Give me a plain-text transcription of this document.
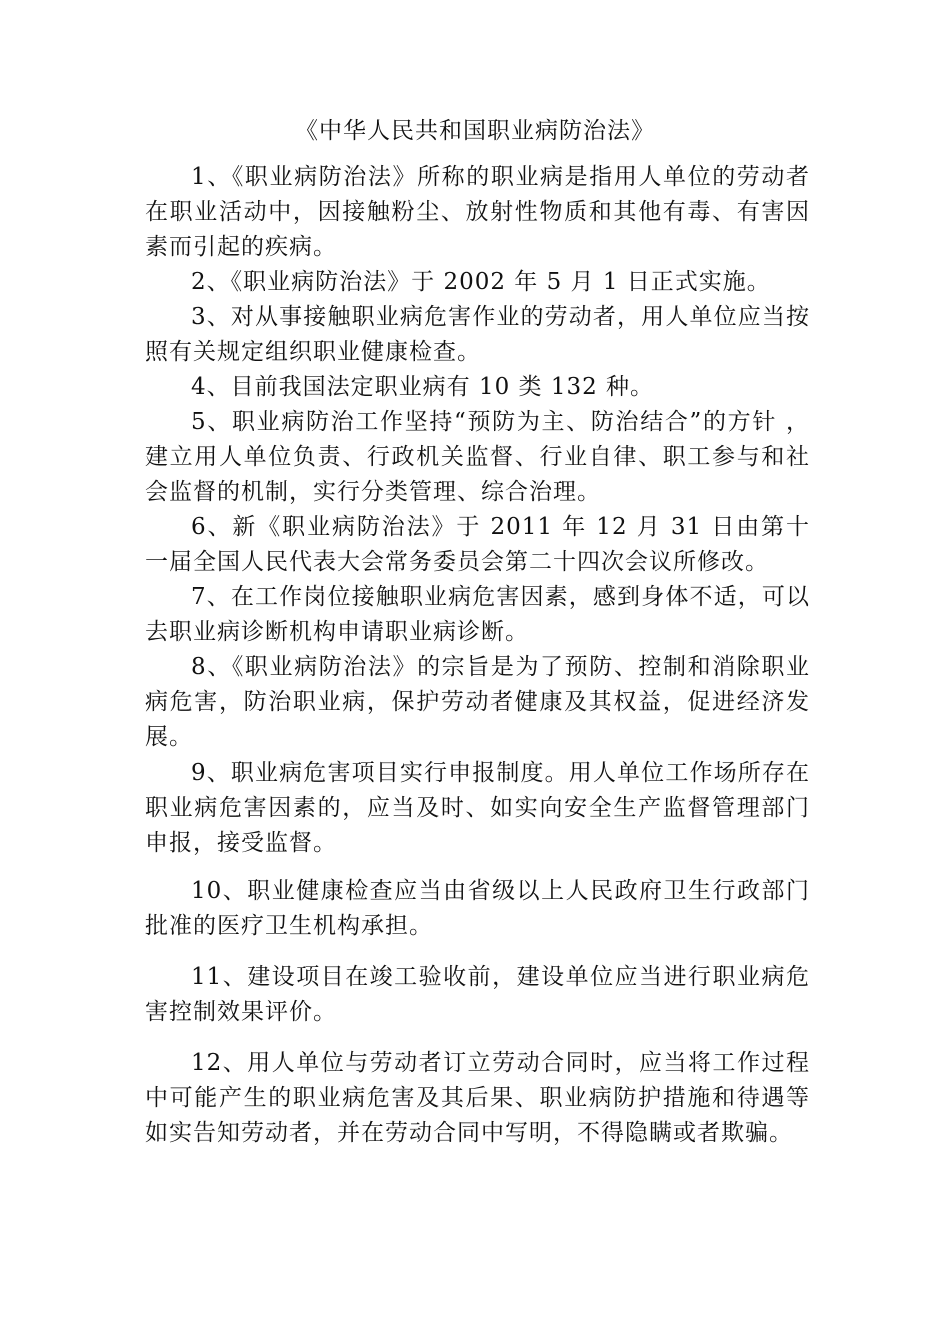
《中华人民共和国职业病防治法》
1、《职业病防治法》所称的职业病是指用人单位的劳动者在职业活动中，因接触粉尘、放射性物质和其他有毒、有害因素而引起的疾病。
2、《职业病防治法》于 2002 年 5 月 1 日正式实施。
3、对从事接触职业病危害作业的劳动者，用人单位应当按照有关规定组织职业健康检查。
4、目前我国法定职业病有 10 类 132 种。
5、职业病防治工作坚持“预防为主、防治结合”的方针 ，建立用人单位负责、行政机关监督、行业自律、职工参与和社会监督的机制，实行分类管理、综合治理。
6、新《职业病防治法》于 2011 年 12 月 31 日由第十一届全国人民代表大会常务委员会第二十四次会议所修改。
7、在工作岗位接触职业病危害因素，感到身体不适，可以去职业病诊断机构申请职业病诊断。
8、《职业病防治法》的宗旨是为了预防、控制和消除职业病危害，防治职业病，保护劳动者健康及其权益，促进经济发展。
9、职业病危害项目实行申报制度。用人单位工作场所存在职业病危害因素的，应当及时、如实向安全生产监督管理部门申报，接受监督。
10、职业健康检查应当由省级以上人民政府卫生行政部门批准的医疗卫生机构承担。
11、建设项目在竣工验收前，建设单位应当进行职业病危害控制效果评价。
12、用人单位与劳动者订立劳动合同时，应当将工作过程中可能产生的职业病危害及其后果、职业病防护措施和待遇等如实告知劳动者，并在劳动合同中写明，不得隐瞒或者欺骗。
